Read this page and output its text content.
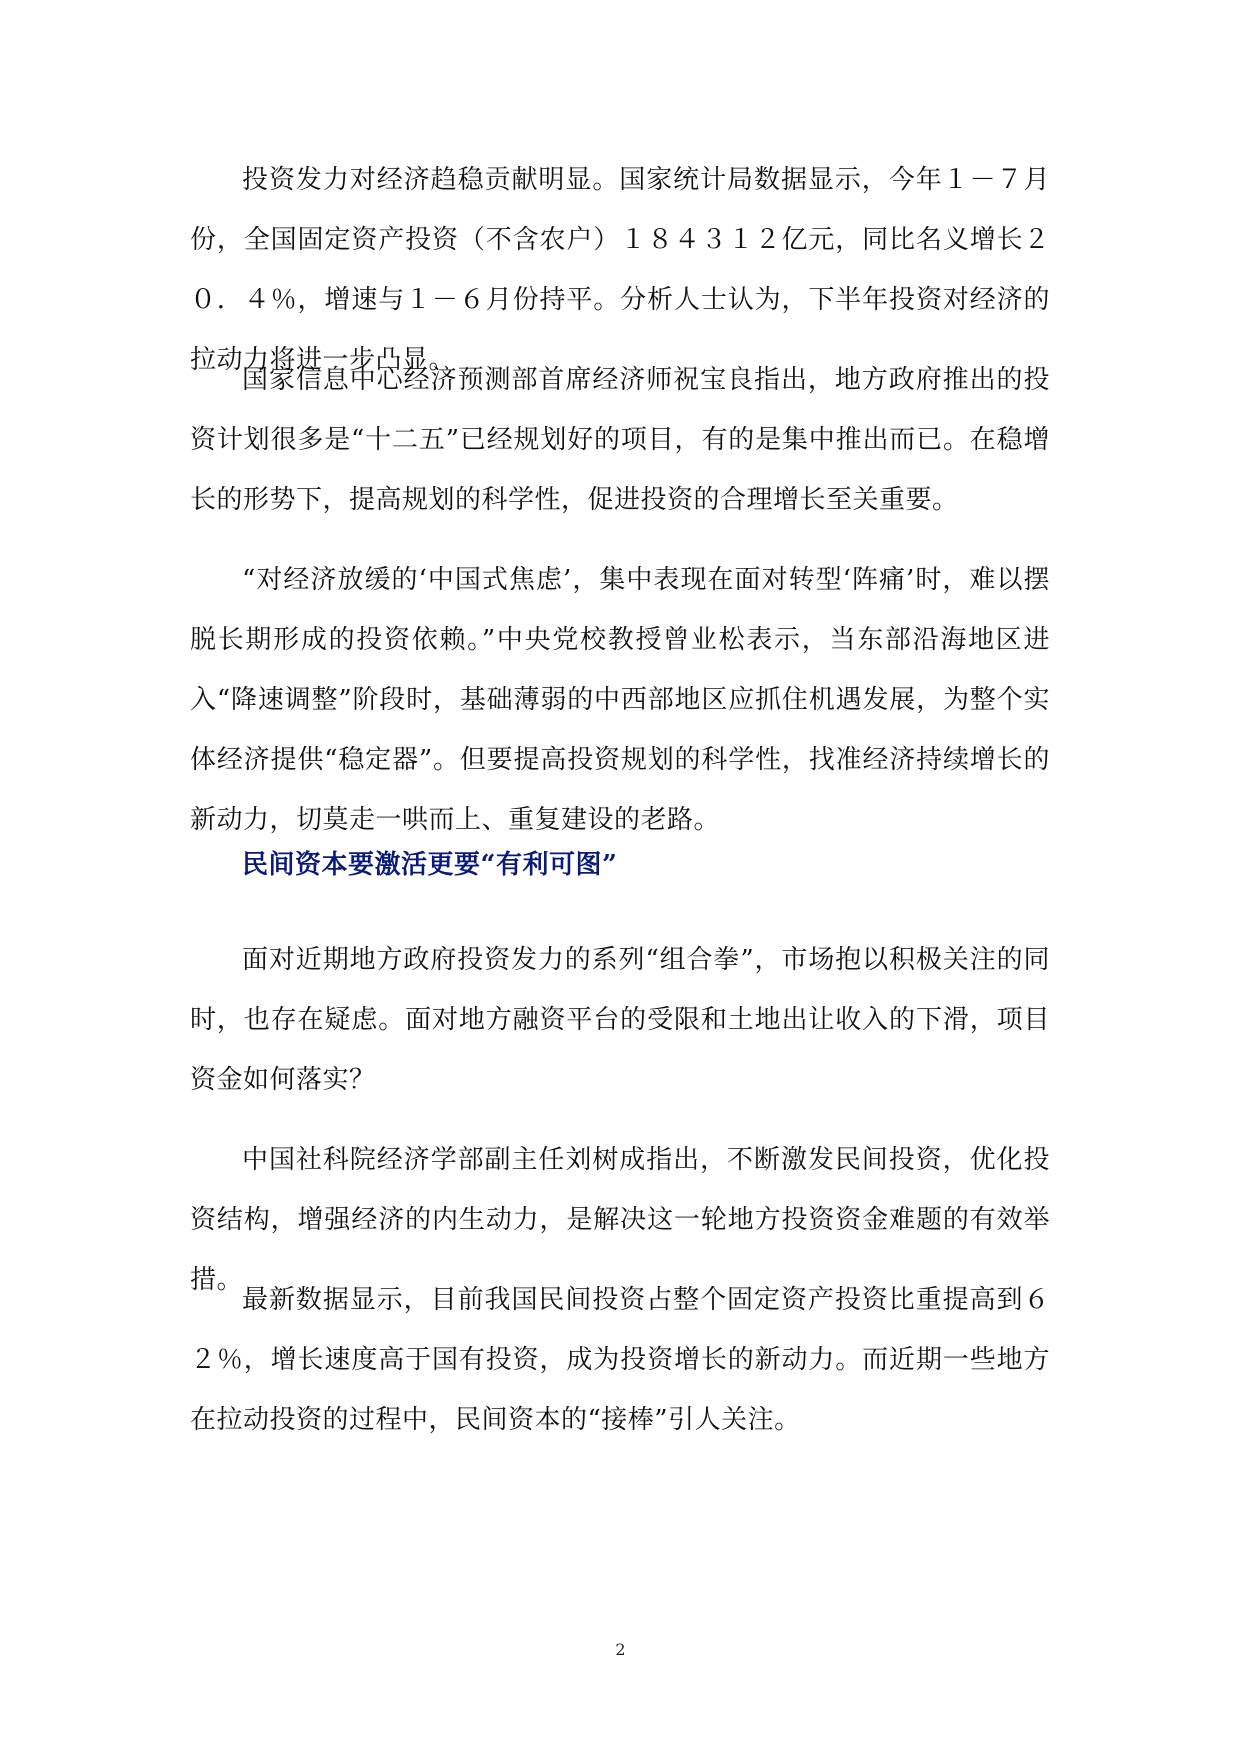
投资发力对经济趋稳贡献明显。国家统计局数据显示，今年１－７月份，全国固定资产投资（不含农户）１８４３１２亿元，同比名义增长２０．４％，增速与１－６月份持平。分析人士认为，下半年投资对经济的拉动力将进一步凸显。

国家信息中心经济预测部首席经济师祝宝良指出，地方政府推出的投资计划很多是“十二五”已经规划好的项目，有的是集中推出而已。在稳增长的形势下，提高规划的科学性，促进投资的合理增长至关重要。

“对经济放缓的‘中国式焦虑’，集中表现在面对转型‘阵痛’时，难以摆脱长期形成的投资依赖。”中央党校教授曾业松表示，当东部沿海地区进入“降速调整”阶段时，基础薄弱的中西部地区应抓住机遇发展，为整个实体经济提供“稳定器”。但要提高投资规划的科学性，找准经济持续增长的新动力，切莫走一哄而上、重复建设的老路。

民间资本要激活更要“有利可图”

面对近期地方政府投资发力的系列“组合拳”，市场抱以积极关注的同时，也存在疑虑。面对地方融资平台的受限和土地出让收入的下滑，项目资金如何落实？

中国社科院经济学部副主任刘树成指出，不断激发民间投资，优化投资结构，增强经济的内生动力，是解决这一轮地方投资资金难题的有效举措。

最新数据显示，目前我国民间投资占整个固定资产投资比重提高到６２％，增长速度高于国有投资，成为投资增长的新动力。而近期一些地方在拉动投资的过程中，民间资本的“接棒”引人关注。

2
